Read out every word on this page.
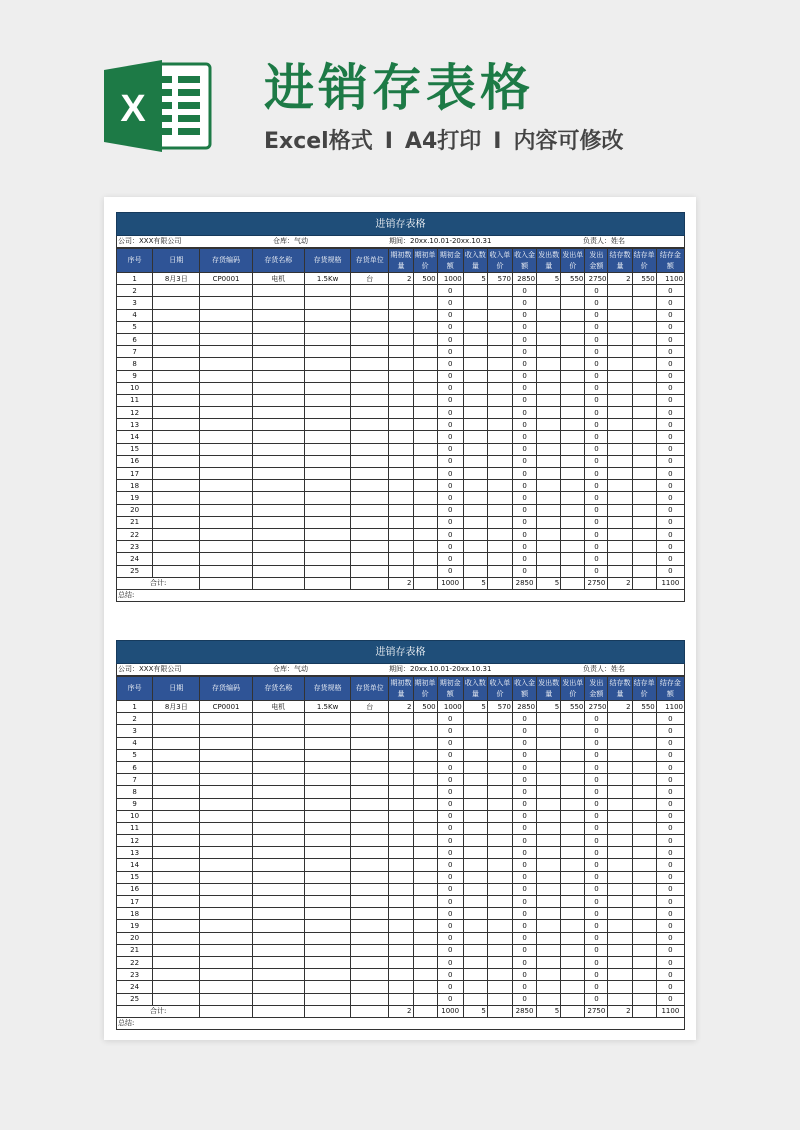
X 进销存表格
Excel格式 I A4打印 I 内容可修改
进销存表格
公司：XXX有限公司	仓库：气动	期间：20xx.10.01-20xx.10.31	负责人：姓名
序号	日期	存货编码	存货名称	存货规格	存货单位	期初数量	期初单价	期初金额	收入数量	收入单价	收入金额	发出数量	发出单价	发出金额	结存数量	结存单价	结存金额
1	8月3日	CP0001	电机	1.5Kw	台	2	500	1000	5	570	2850	5	550	2750	2	550	1100
2								0			0			0			0
3								0			0			0			0
4								0			0			0			0
5								0			0			0			0
6								0			0			0			0
7								0			0			0			0
8								0			0			0			0
9								0			0			0			0
10								0			0			0			0
11								0			0			0			0
12								0			0			0			0
13								0			0			0			0
14								0			0			0			0
15								0			0			0			0
16								0			0			0			0
17								0			0			0			0
18								0			0			0			0
19								0			0			0			0
20								0			0			0			0
21								0			0			0			0
22								0			0			0			0
23								0			0			0			0
24								0			0			0			0
25								0			0			0			0
合计:						2		1000	5		2850	5		2750	2		1100
总结:
进销存表格
公司：XXX有限公司	仓库：气动	期间：20xx.10.01-20xx.10.31	负责人：姓名
序号	日期	存货编码	存货名称	存货规格	存货单位	期初数量	期初单价	期初金额	收入数量	收入单价	收入金额	发出数量	发出单价	发出金额	结存数量	结存单价	结存金额
1	8月3日	CP0001	电机	1.5Kw	台	2	500	1000	5	570	2850	5	550	2750	2	550	1100
2								0			0			0			0
3								0			0			0			0
4								0			0			0			0
5								0			0			0			0
6								0			0			0			0
7								0			0			0			0
8								0			0			0			0
9								0			0			0			0
10								0			0			0			0
11								0			0			0			0
12								0			0			0			0
13								0			0			0			0
14								0			0			0			0
15								0			0			0			0
16								0			0			0			0
17								0			0			0			0
18								0			0			0			0
19								0			0			0			0
20								0			0			0			0
21								0			0			0			0
22								0			0			0			0
23								0			0			0			0
24								0			0			0			0
25								0			0			0			0
合计:						2		1000	5		2850	5		2750	2		1100
总结:
